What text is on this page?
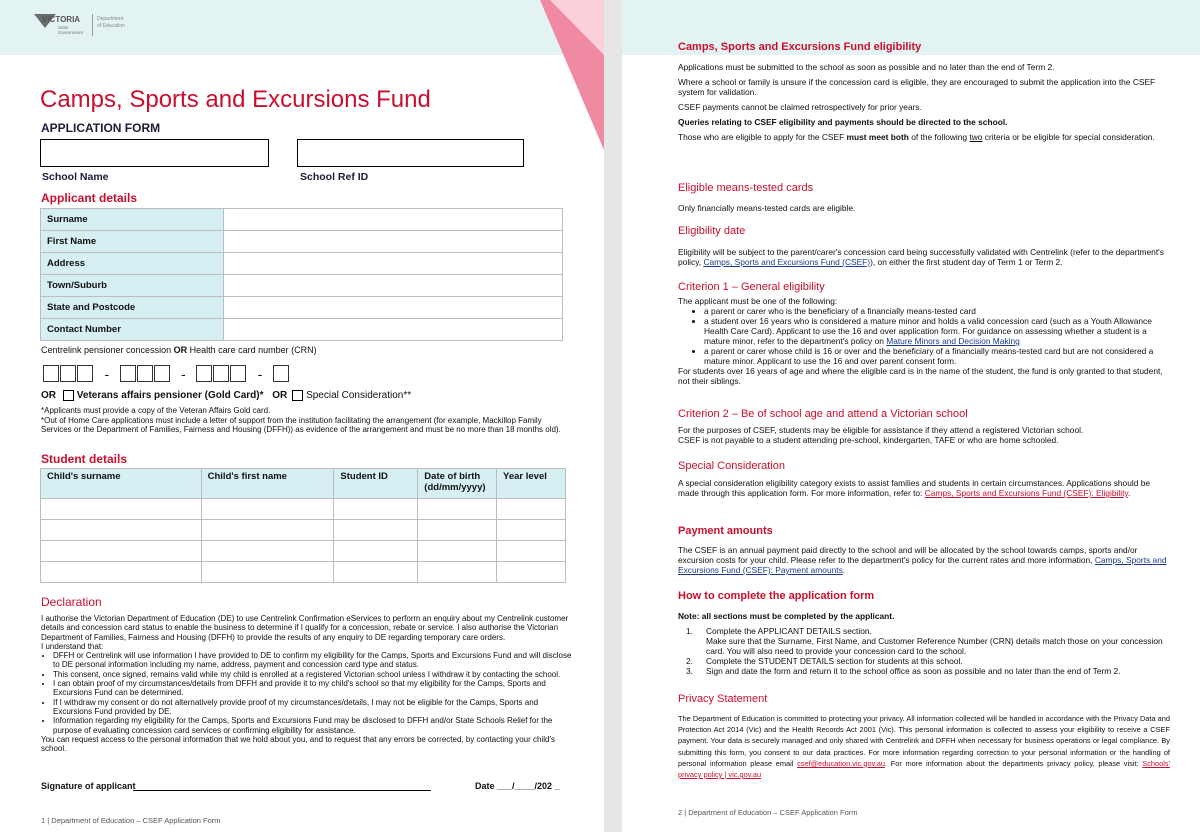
VICTORIA
State
Government
Department
of Education
Camps, Sports and Excursions Fund
APPLICATION FORM
School Name	School Ref ID
Applicant details
Surname	
First Name	
Address	
Town/Suburb	
State and Postcode	
Contact Number	
Centrelink pensioner concession OR Health care card number (CRN)
-	-	-
OR Veterans affairs pensioner (Gold Card)* OR Special Consideration**
*Applicants must provide a copy of the Veteran Affairs Gold card.
*Out of Home Care applications must include a letter of support from the institution facilitating the arrangement (for example, Mackillop Family Services or the Department of Families, Fairness and Housing (DFFH)) as evidence of the arrangement and must be no more than 18 months old).
Student details
Child's surname	Child's first name	Student ID	Date of birth (dd/mm/yyyy)	Year level

Declaration
I authorise the Victorian Department of Education (DE) to use Centrelink Confirmation eServices to perform an enquiry about my Centrelink customer details and concession card status to enable the business to determine if I qualify for a concession, rebate or service. I also authorise the Victorian Department of Families, Fairness and Housing (DFFH) to provide the results of any enquiry to DE regarding temporary care orders.
I understand that:
• DFFH or Centrelink will use information I have provided to DE to confirm my eligibility for the Camps, Sports and Excursions Fund and will disclose to DE personal information including my name, address, payment and concession card type and status.
• This consent, once signed, remains valid while my child is enrolled at a registered Victorian school unless I withdraw it by contacting the school.
• I can obtain proof of my circumstances/details from DFFH and provide it to my child's school so that my eligibility for the Camps, Sports and Excursions Fund can be determined.
• If I withdraw my consent or do not alternatively provide proof of my circumstances/details, I may not be eligible for the Camps, Sports and Excursions Fund provided by DE.
• Information regarding my eligibility for the Camps, Sports and Excursions Fund may be disclosed to DFFH and/or State Schools Relief for the purpose of evaluating concession card services or confirming eligibility for assistance.
You can request access to the personal information that we hold about you, and to request that any errors be corrected, by contacting your child's school.
Signature of applicant	Date ___/____/202 _
1 | Department of Education – CSEF Application Form
Camps, Sports and Excursions Fund eligibility

Applications must be submitted to the school as soon as possible and no later than the end of Term 2.

Where a school or family is unsure if the concession card is eligible, they are encouraged to submit the application into the CSEF system for validation.

CSEF payments cannot be claimed retrospectively for prior years.

Queries relating to CSEF eligibility and payments should be directed to the school.

Those who are eligible to apply for the CSEF must meet both of the following two criteria or be eligible for special consideration.

Eligible means-tested cards
Only financially means-tested cards are eligible.
Eligibility date
Eligibility will be subject to the parent/carer's concession card being successfully validated with Centrelink (refer to the department's policy, Camps, Sports and Excursions Fund (CSEF)), on either the first student day of Term 1 or Term 2.
Criterion 1 – General eligibility

The applicant must be one of the following:

• a parent or carer who is the beneficiary of a financially means-tested card
• a student over 16 years who is considered a mature minor and holds a valid concession card (such as a Youth Allowance Health Care Card). Applicant to use the 16 and over application form. For guidance on assessing whether a student is a mature minor, refer to the department's policy on Mature Minors and Decision Making
• a parent or carer whose child is 16 or over and the beneficiary of a financially means-tested card but are not considered a mature minor. Applicant to use the 16 and over parent consent form.

For students over 16 years of age and where the eligible card is in the name of the student, the fund is only granted to that student, not their siblings.

Criterion 2 – Be of school age and attend a Victorian school

For the purposes of CSEF, students may be eligible for assistance if they attend a registered Victorian school.

CSEF is not payable to a student attending pre-school, kindergarten, TAFE or who are home schooled.

Special Consideration
A special consideration eligibility category exists to assist families and students in certain circumstances. Applications should be made through this application form. For more information, refer to: Camps, Sports and Excursions Fund (CSEF): Eligibility.
Payment amounts
The CSEF is an annual payment paid directly to the school and will be allocated by the school towards camps, sports and/or excursion costs for your child. Please refer to the department's policy for the current rates and more information, Camps, Sports and Excursions Fund (CSEF): Payment amounts.
How to complete the application form
Note: all sections must be completed by the applicant.
1.	Complete the APPLICANT DETAILS section.
Make sure that the Surname, First Name, and Customer Reference Number (CRN) details match those on your concession card. You will also need to provide your concession card to the school.
2.	Complete the STUDENT DETAILS section for students at this school.
3.	Sign and date the form and return it to the school office as soon as possible and no later than the end of Term 2.
Privacy Statement
The Department of Education is committed to protecting your privacy. All information collected will be handled in accordance with the Privacy Data and Protection Act 2014 (Vic) and the Health Records Act 2001 (Vic). This personal information is collected to assess your eligibility to receive a CSEF payment. Your data is securely managed and only shared with Centrelink and DFFH when necessary for business operations or legal compliance. By submitting this form, you consent to our data practices. For more information regarding correction to your personal information or the handling of personal information please email csef@education.vic.gov.au. For more information about the departments privacy policy, please visit: Schools' privacy policy | vic.gov.au
2 | Department of Education – CSEF Application Form
